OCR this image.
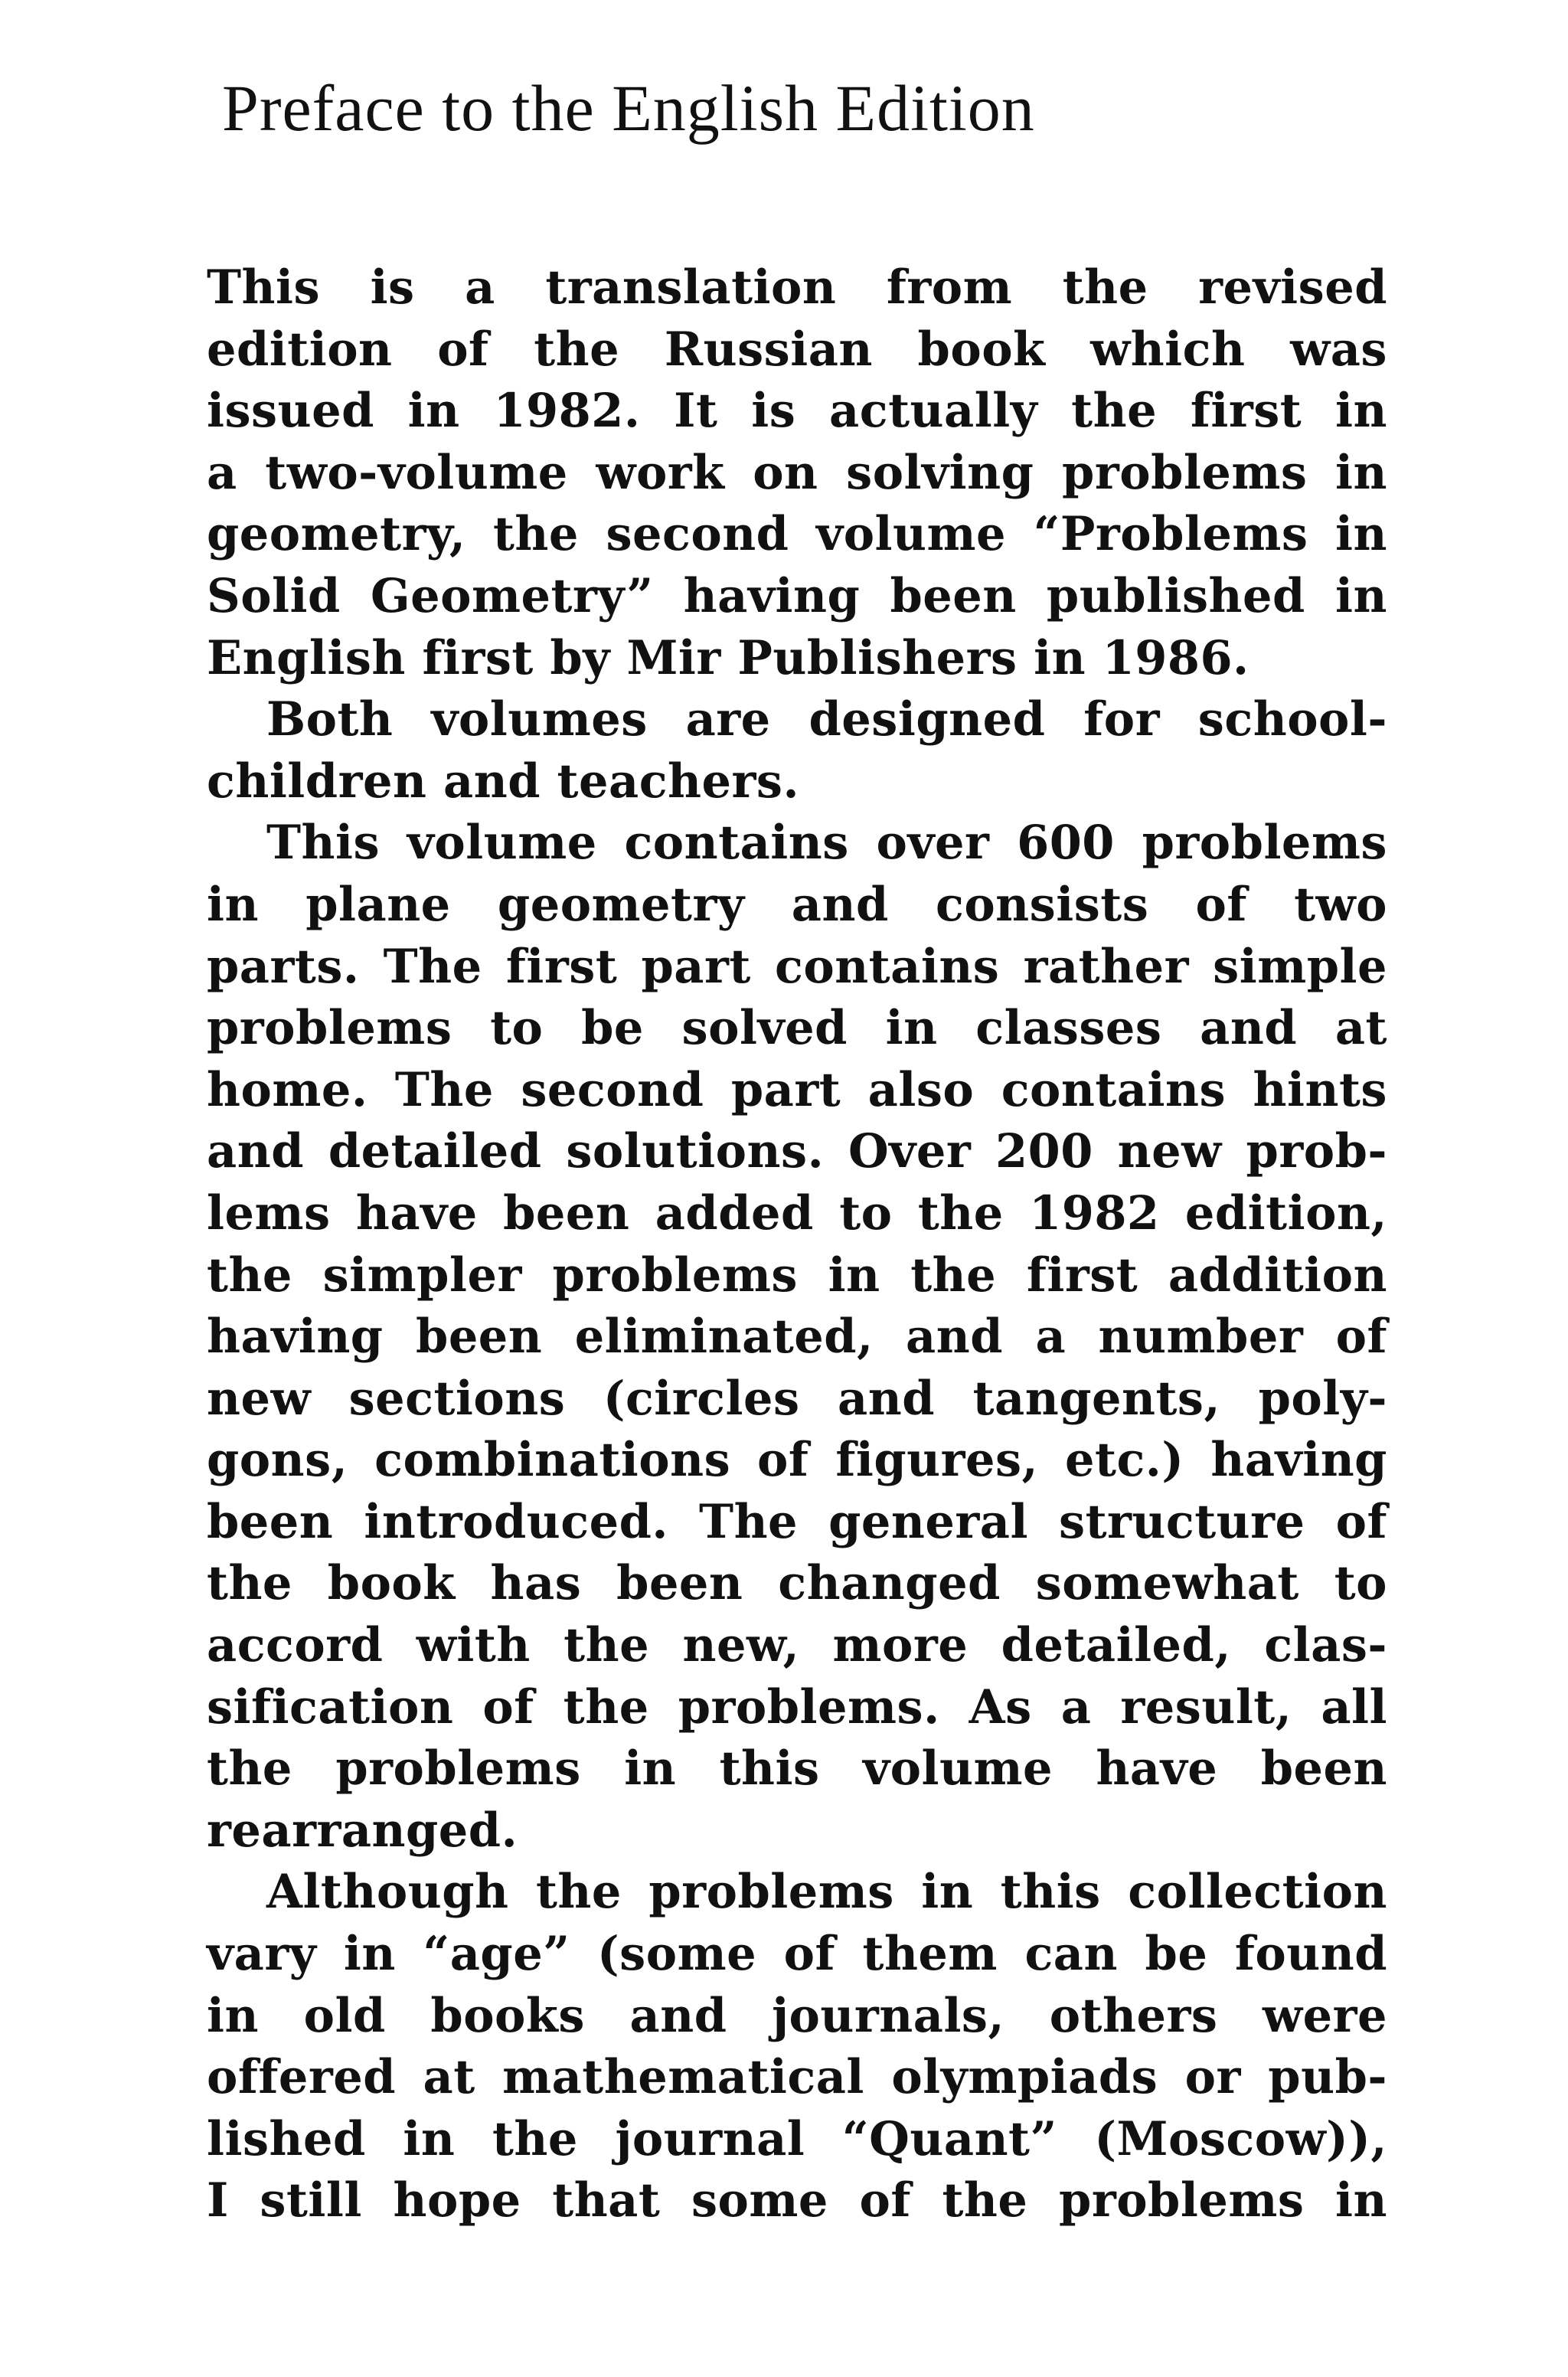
Preface to the English Edition

This is a translation from the revised
edition of the Russian book which was
issued in 1982. It is actually the first in
a two-volume work on solving problems in
geometry, the second volume “Problems in
Solid Geometry” having been published in
English first by Mir Publishers in 1986.

Both volumes are designed for school-
children and teachers.

This volume contains over 600 problems
in plane geometry and consists of two
parts. The first part contains rather simple
problems to be solved in classes and at
home. The second part also contains hints
and detailed solutions. Over 200 new prob-
lems have been added to the 1982 edition,
the simpler problems in the first addition
having been eliminated, and a number of
new sections (circles and tangents, poly-
gons, combinations of figures, etc.) having
been introduced. The general structure of
the book has been changed somewhat to
accord with the new, more detailed, clas-
sification of the problems. As a result, all
the problems in this volume have been
rearranged.

Although the problems in this collection
vary in “age” (some of them can be found
in old books and journals, others were
offered at mathematical olympiads or pub-
lished in the journal “Quant” (Moscow)),
I still hope that some of the problems in
